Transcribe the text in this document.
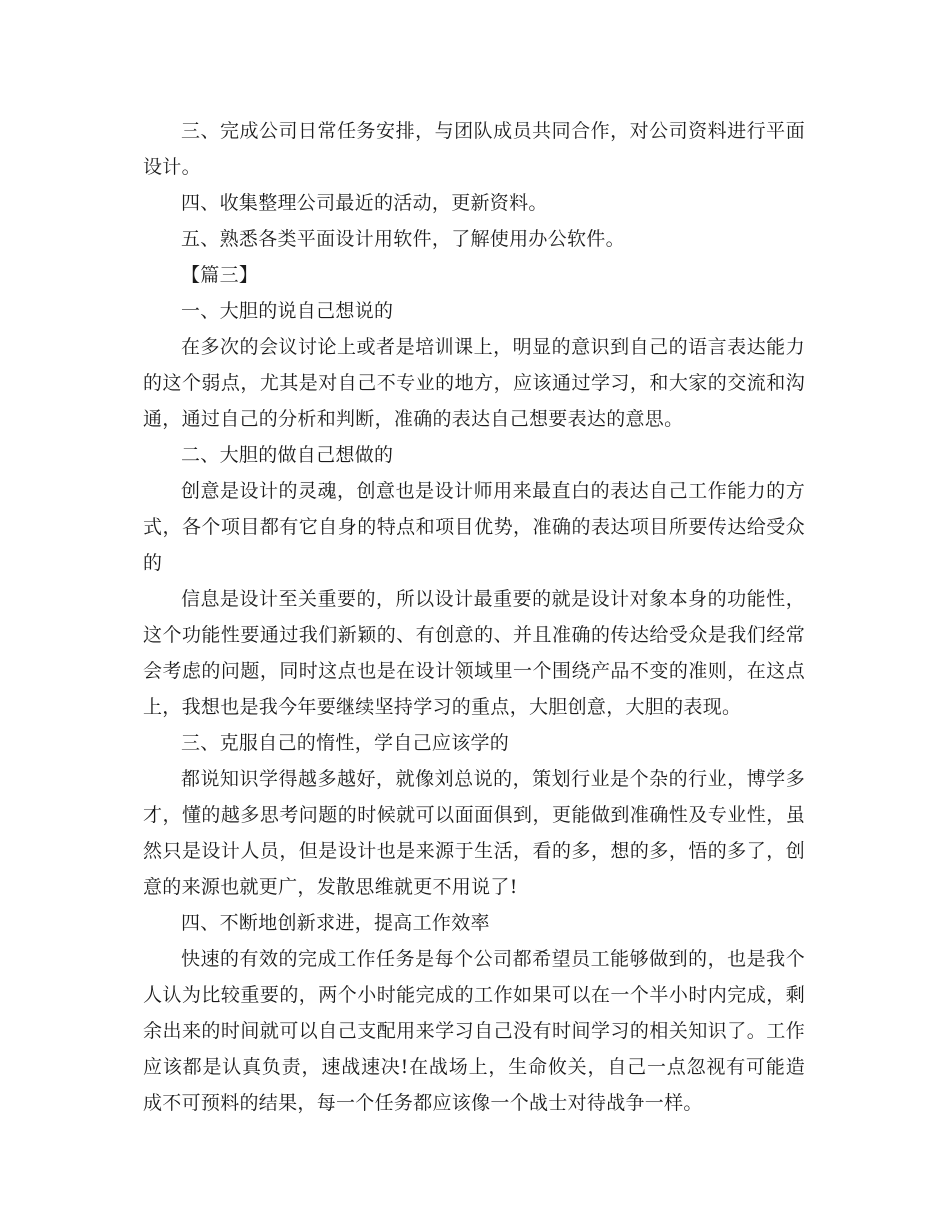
三、完成公司日常任务安排，与团队成员共同合作，对公司资料进行平面设计。

四、收集整理公司最近的活动，更新资料。

五、熟悉各类平面设计用软件，了解使用办公软件。

【篇三】

一、大胆的说自己想说的

在多次的会议讨论上或者是培训课上，明显的意识到自己的语言表达能力的这个弱点，尤其是对自己不专业的地方，应该通过学习，和大家的交流和沟通，通过自己的分析和判断，准确的表达自己想要表达的意思。

二、大胆的做自己想做的

创意是设计的灵魂，创意也是设计师用来最直白的表达自己工作能力的方式，各个项目都有它自身的特点和项目优势，准确的表达项目所要传达给受众的

信息是设计至关重要的，所以设计最重要的就是设计对象本身的功能性，这个功能性要通过我们新颖的、有创意的、并且准确的传达给受众是我们经常会考虑的问题，同时这点也是在设计领域里一个围绕产品不变的准则，在这点上，我想也是我今年要继续坚持学习的重点，大胆创意，大胆的表现。

三、克服自己的惰性，学自己应该学的

都说知识学得越多越好，就像刘总说的，策划行业是个杂的行业，博学多才，懂的越多思考问题的时候就可以面面俱到，更能做到准确性及专业性，虽然只是设计人员，但是设计也是来源于生活，看的多，想的多，悟的多了，创意的来源也就更广，发散思维就更不用说了!

四、不断地创新求进，提高工作效率

快速的有效的完成工作任务是每个公司都希望员工能够做到的，也是我个人认为比较重要的，两个小时能完成的工作如果可以在一个半小时内完成，剩余出来的时间就可以自己支配用来学习自己没有时间学习的相关知识了。工作应该都是认真负责，速战速决!在战场上，生命攸关，自己一点忽视有可能造成不可预料的结果，每一个任务都应该像一个战士对待战争一样。
